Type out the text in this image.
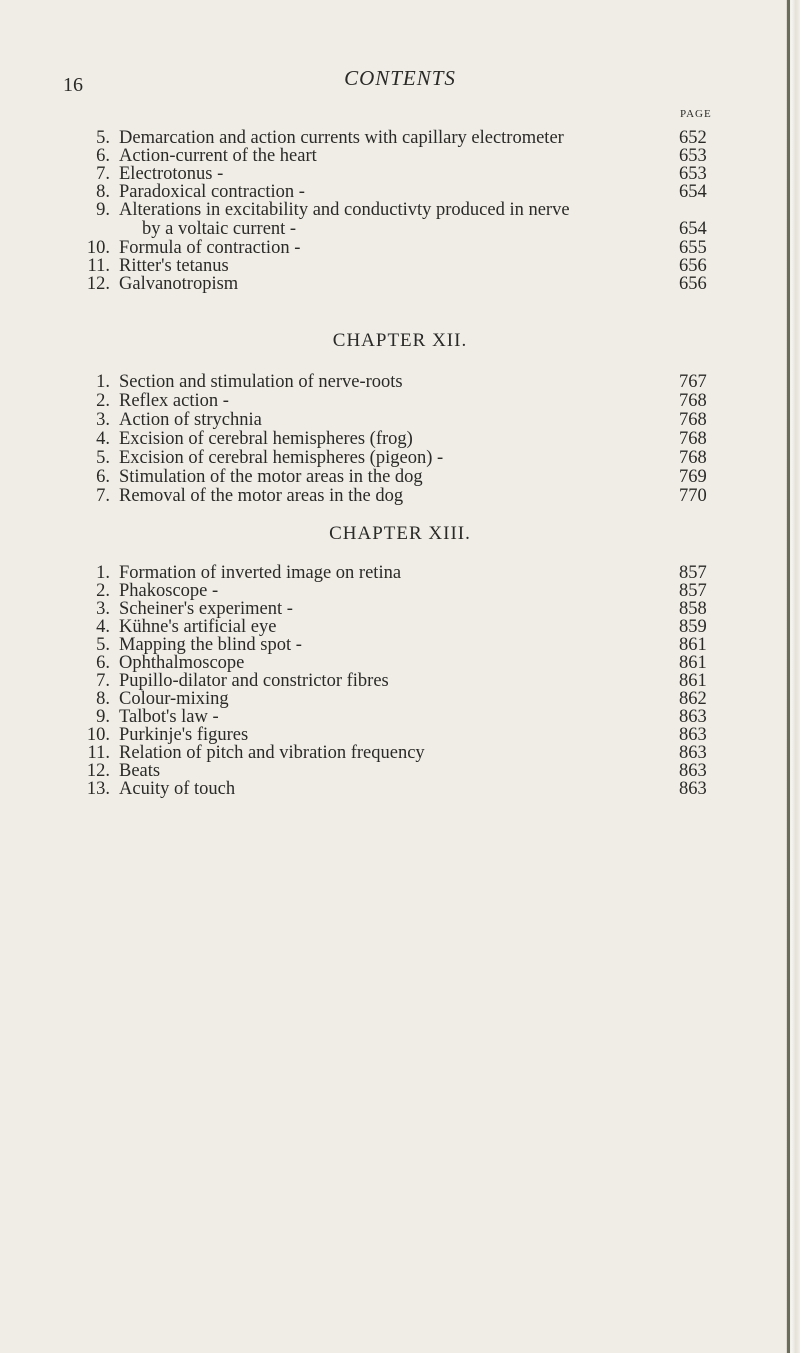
16	CONTENTS
PAGE
5. Demarcation and action currents with capillary electrometer	652
6. Action-current of the heart	653
7. Electrotonus -	653
8. Paradoxical contraction -	654
9. Alterations in excitability and conductivty produced in nerve
by a voltaic current -	654
10. Formula of contraction -	655
11. Ritter's tetanus	656
12. Galvanotropism	656
CHAPTER XII.
1. Section and stimulation of nerve-roots	767
2. Reflex action -	768
3. Action of strychnia	768
4. Excision of cerebral hemispheres (frog)	768
5. Excision of cerebral hemispheres (pigeon) -	768
6. Stimulation of the motor areas in the dog	769
7. Removal of the motor areas in the dog	770
CHAPTER XIII.
1. Formation of inverted image on retina	857
2. Phakoscope -	857
3. Scheiner's experiment -	858
4. Kühne's artificial eye	859
5. Mapping the blind spot -	861
6. Ophthalmoscope	861
7. Pupillo-dilator and constrictor fibres	861
8. Colour-mixing	862
9. Talbot's law -	863
10. Purkinje's figures	863
11. Relation of pitch and vibration frequency	863
12. Beats	863
13. Acuity of touch	863
